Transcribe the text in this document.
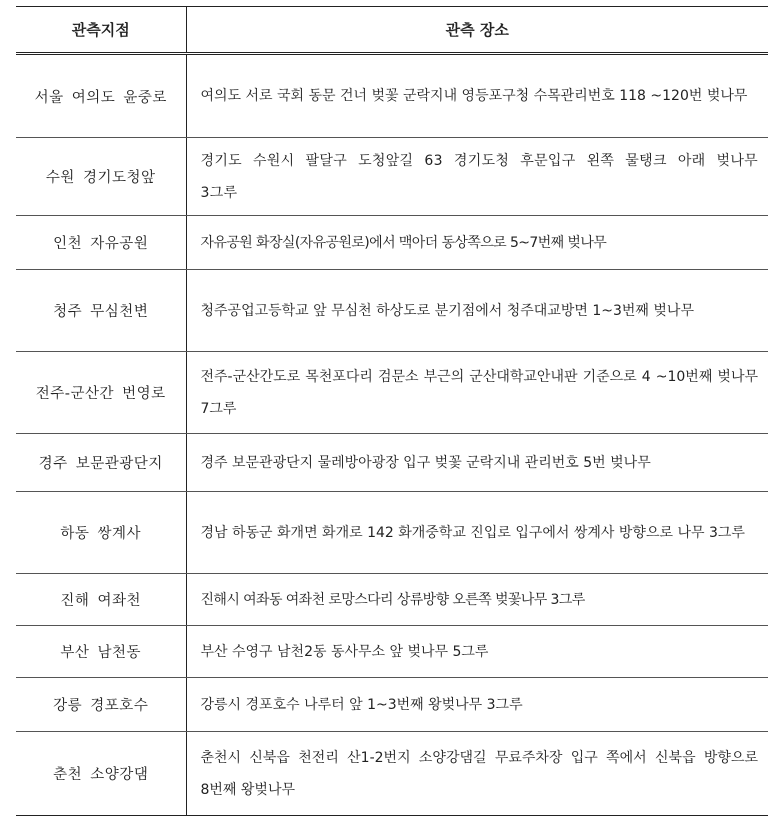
관측지점	관측 장소
서울 여의도 윤중로	여의도 서로 국회 동문 건너 벚꽃 군락지내 영등포구청 수목관리번호 118 ~120번 벚나무
수원 경기도청앞	경기도 수원시 팔달구 도청앞길 63 경기도청 후문입구 왼쪽 물탱크 아래 벚나무 3그루
인천 자유공원	자유공원 화장실(자유공원로)에서 맥아더 동상쪽으로 5~7번째 벚나무
청주 무심천변	청주공업고등학교 앞 무심천 하상도로 분기점에서 청주대교방면 1~3번째 벚나무
전주-군산간 번영로	전주-군산간도로 목천포다리 검문소 부근의 군산대학교안내판 기준으로 4 ~10번째 벚나무 7그루
경주 보문관광단지	경주 보문관광단지 물레방아광장 입구 벚꽃 군락지내 관리번호 5번 벚나무
하동 쌍계사	경남 하동군 화개면 화개로 142 화개중학교 진입로 입구에서 쌍계사 방향으로 나무 3그루
진해 여좌천	진해시 여좌동 여좌천 로망스다리 상류방향 오른쪽 벚꽃나무 3그루
부산 남천동	부산 수영구 남천2동 동사무소 앞 벚나무 5그루
강릉 경포호수	강릉시 경포호수 나루터 앞 1~3번째 왕벚나무 3그루
춘천 소양강댐	춘천시 신북읍 천전리 산1-2번지 소양강댐길 무료주차장 입구 쪽에서 신북읍 방향으로 8번째 왕벚나무
